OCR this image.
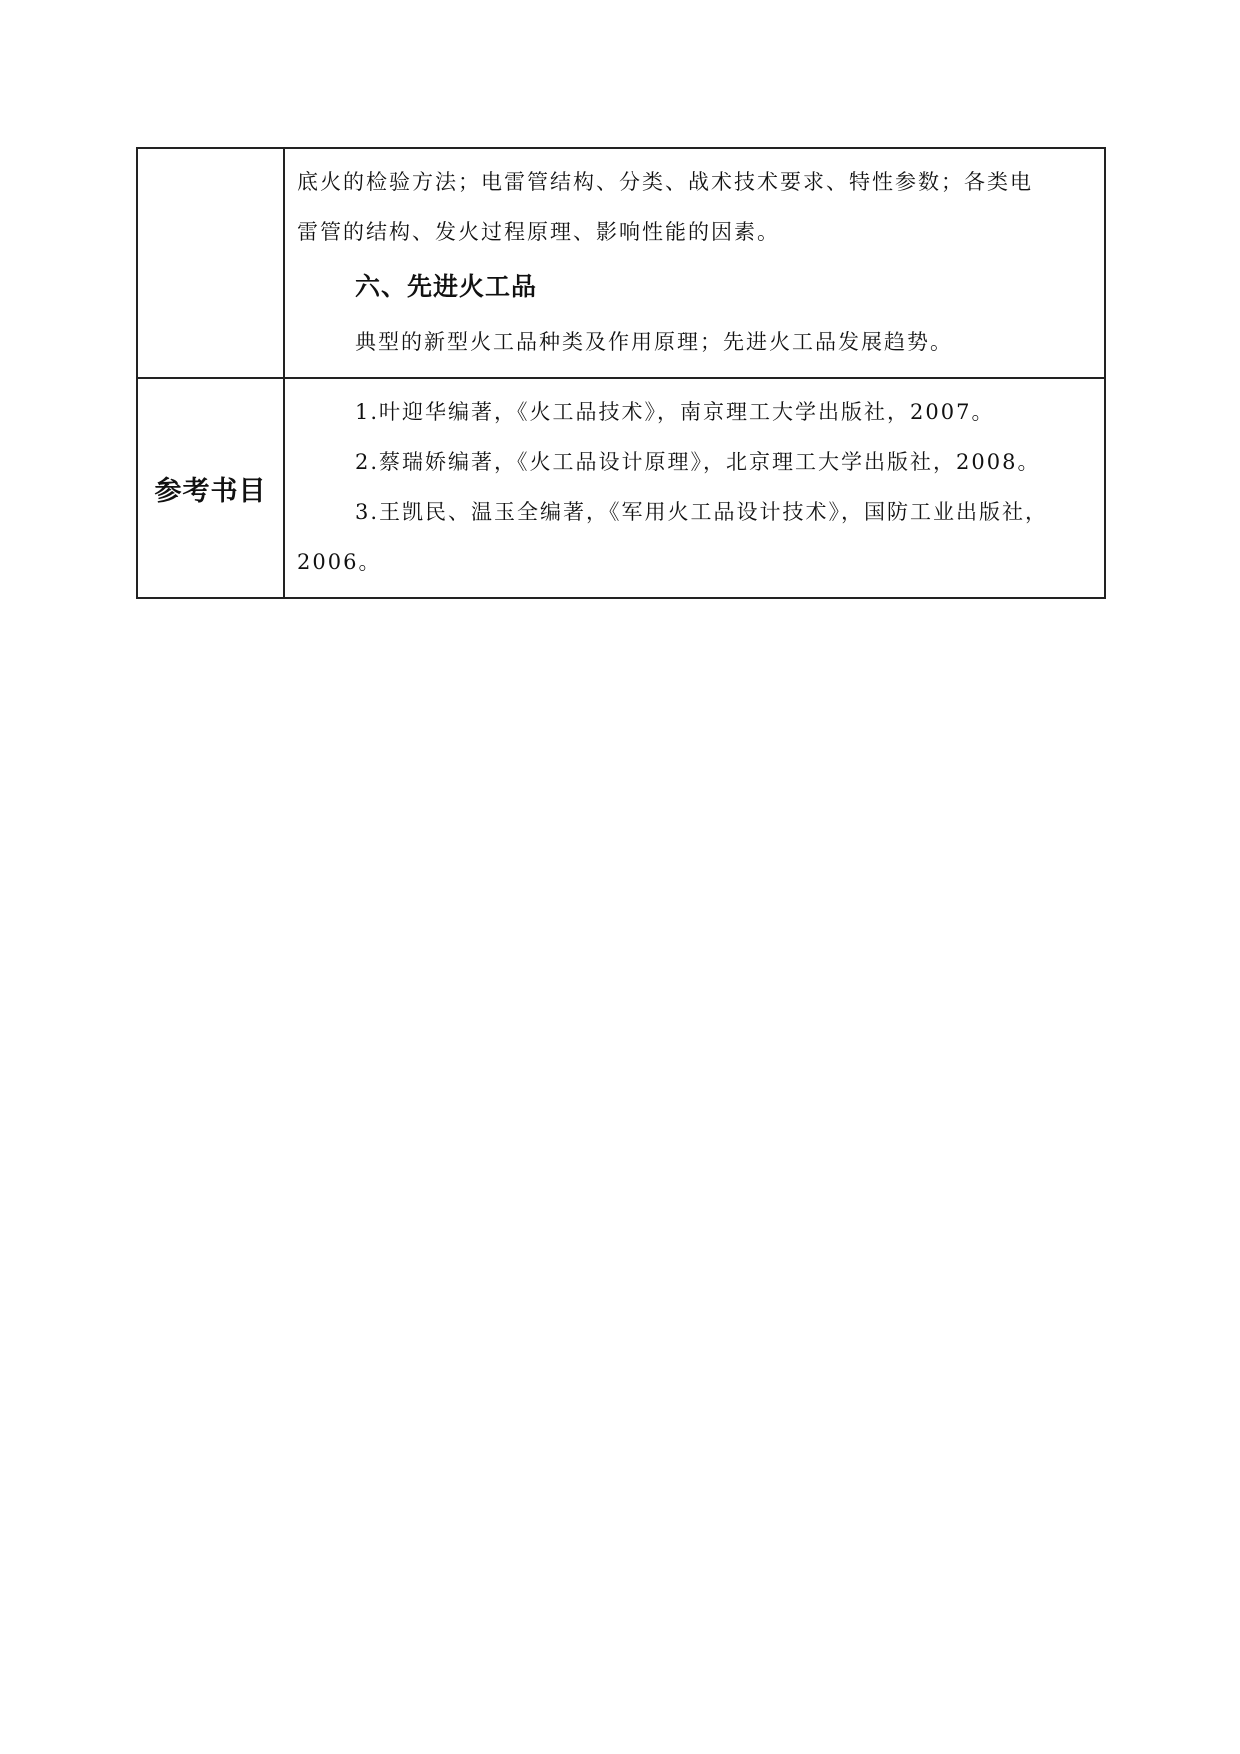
	底火的检验方法；电雷管结构、分类、战术技术要求、特性参数；各类电
雷管的结构、发火过程原理、影响性能的因素。
六、先进火工品
典型的新型火工品种类及作用原理；先进火工品发展趋势。

参考书目	1.叶迎华编著，《火工品技术》，南京理工大学出版社，2007。
2.蔡瑞娇编著，《火工品设计原理》，北京理工大学出版社，2008。
3.王凯民、温玉全编著，《军用火工品设计技术》，国防工业出版社，
2006。
